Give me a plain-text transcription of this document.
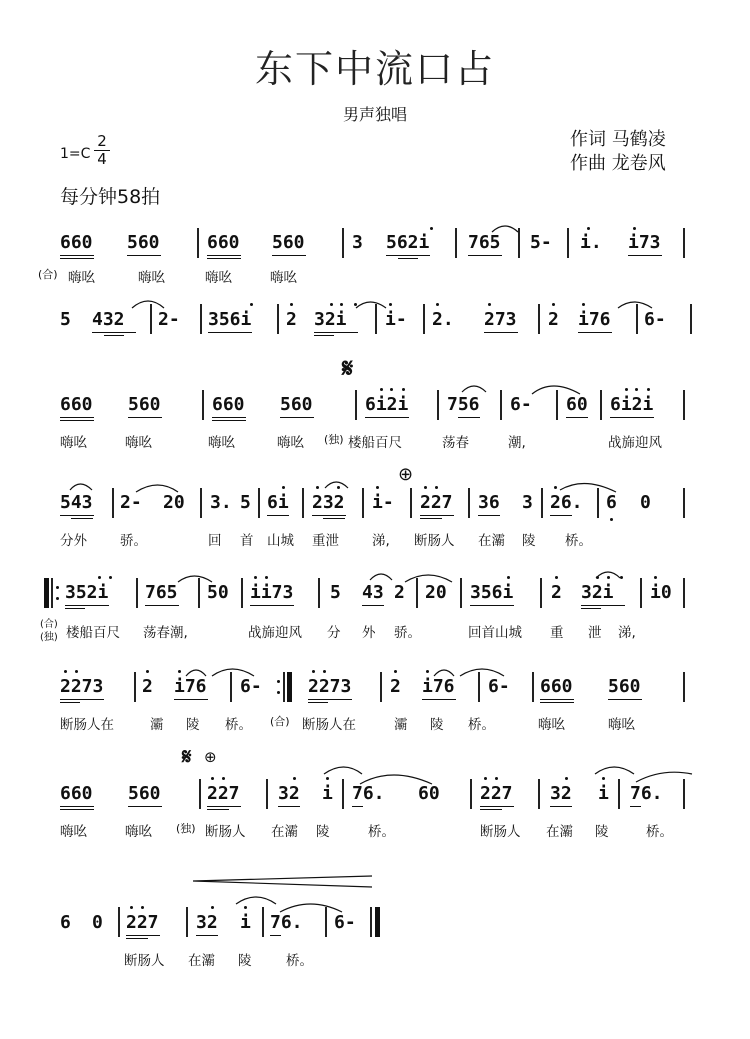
东下中流口占
男声独唱
$1=C \frac{2}{4}$	作词 马鹤凌
作曲 龙卷风
每分钟58拍
660 560	660 560	3 562i 765 5- i. i73
(合) 嗨吆	嗨吆	嗨吆	嗨吆
5 432 2- 356i 2 32i i- 2. 273 2 i76 6-
𝄋
660 560	660 560	6i2i 756 6- 60 6i2i
嗨吆	嗨吆	嗨吆	嗨吆 (独) 楼船百尺	荡春	潮,	战旆迎风
⊕
543 2- 20 3. 5 6i 232 i- 227 36 3 26. 6 0
分外 骄。	回 首 山城 重泄 涕, 断肠人 在灞 陵 桥。
352i 765 50 ii73 5 43 2 20 356i 2 32i i0
(合)
(独) 楼船百尺 荡春潮,	战旆迎风 分 外 骄。	回首山城 重 泄 涕,
2273 2 i76 6-	2273 2 i76 6- 660 560
断肠人在	灞 陵 桥。 (合) 断肠人在	灞 陵 桥。	嗨吆	嗨吆
𝄋 ⊕
660 560	227 32 i 76. 60 227 32 i 76.
嗨吆	嗨吆 (独) 断肠人 在灞 陵	桥。	断肠人 在灞 陵	桥。
6 0 227 32 i 76. 6-
断肠人 在灞 陵	桥。
